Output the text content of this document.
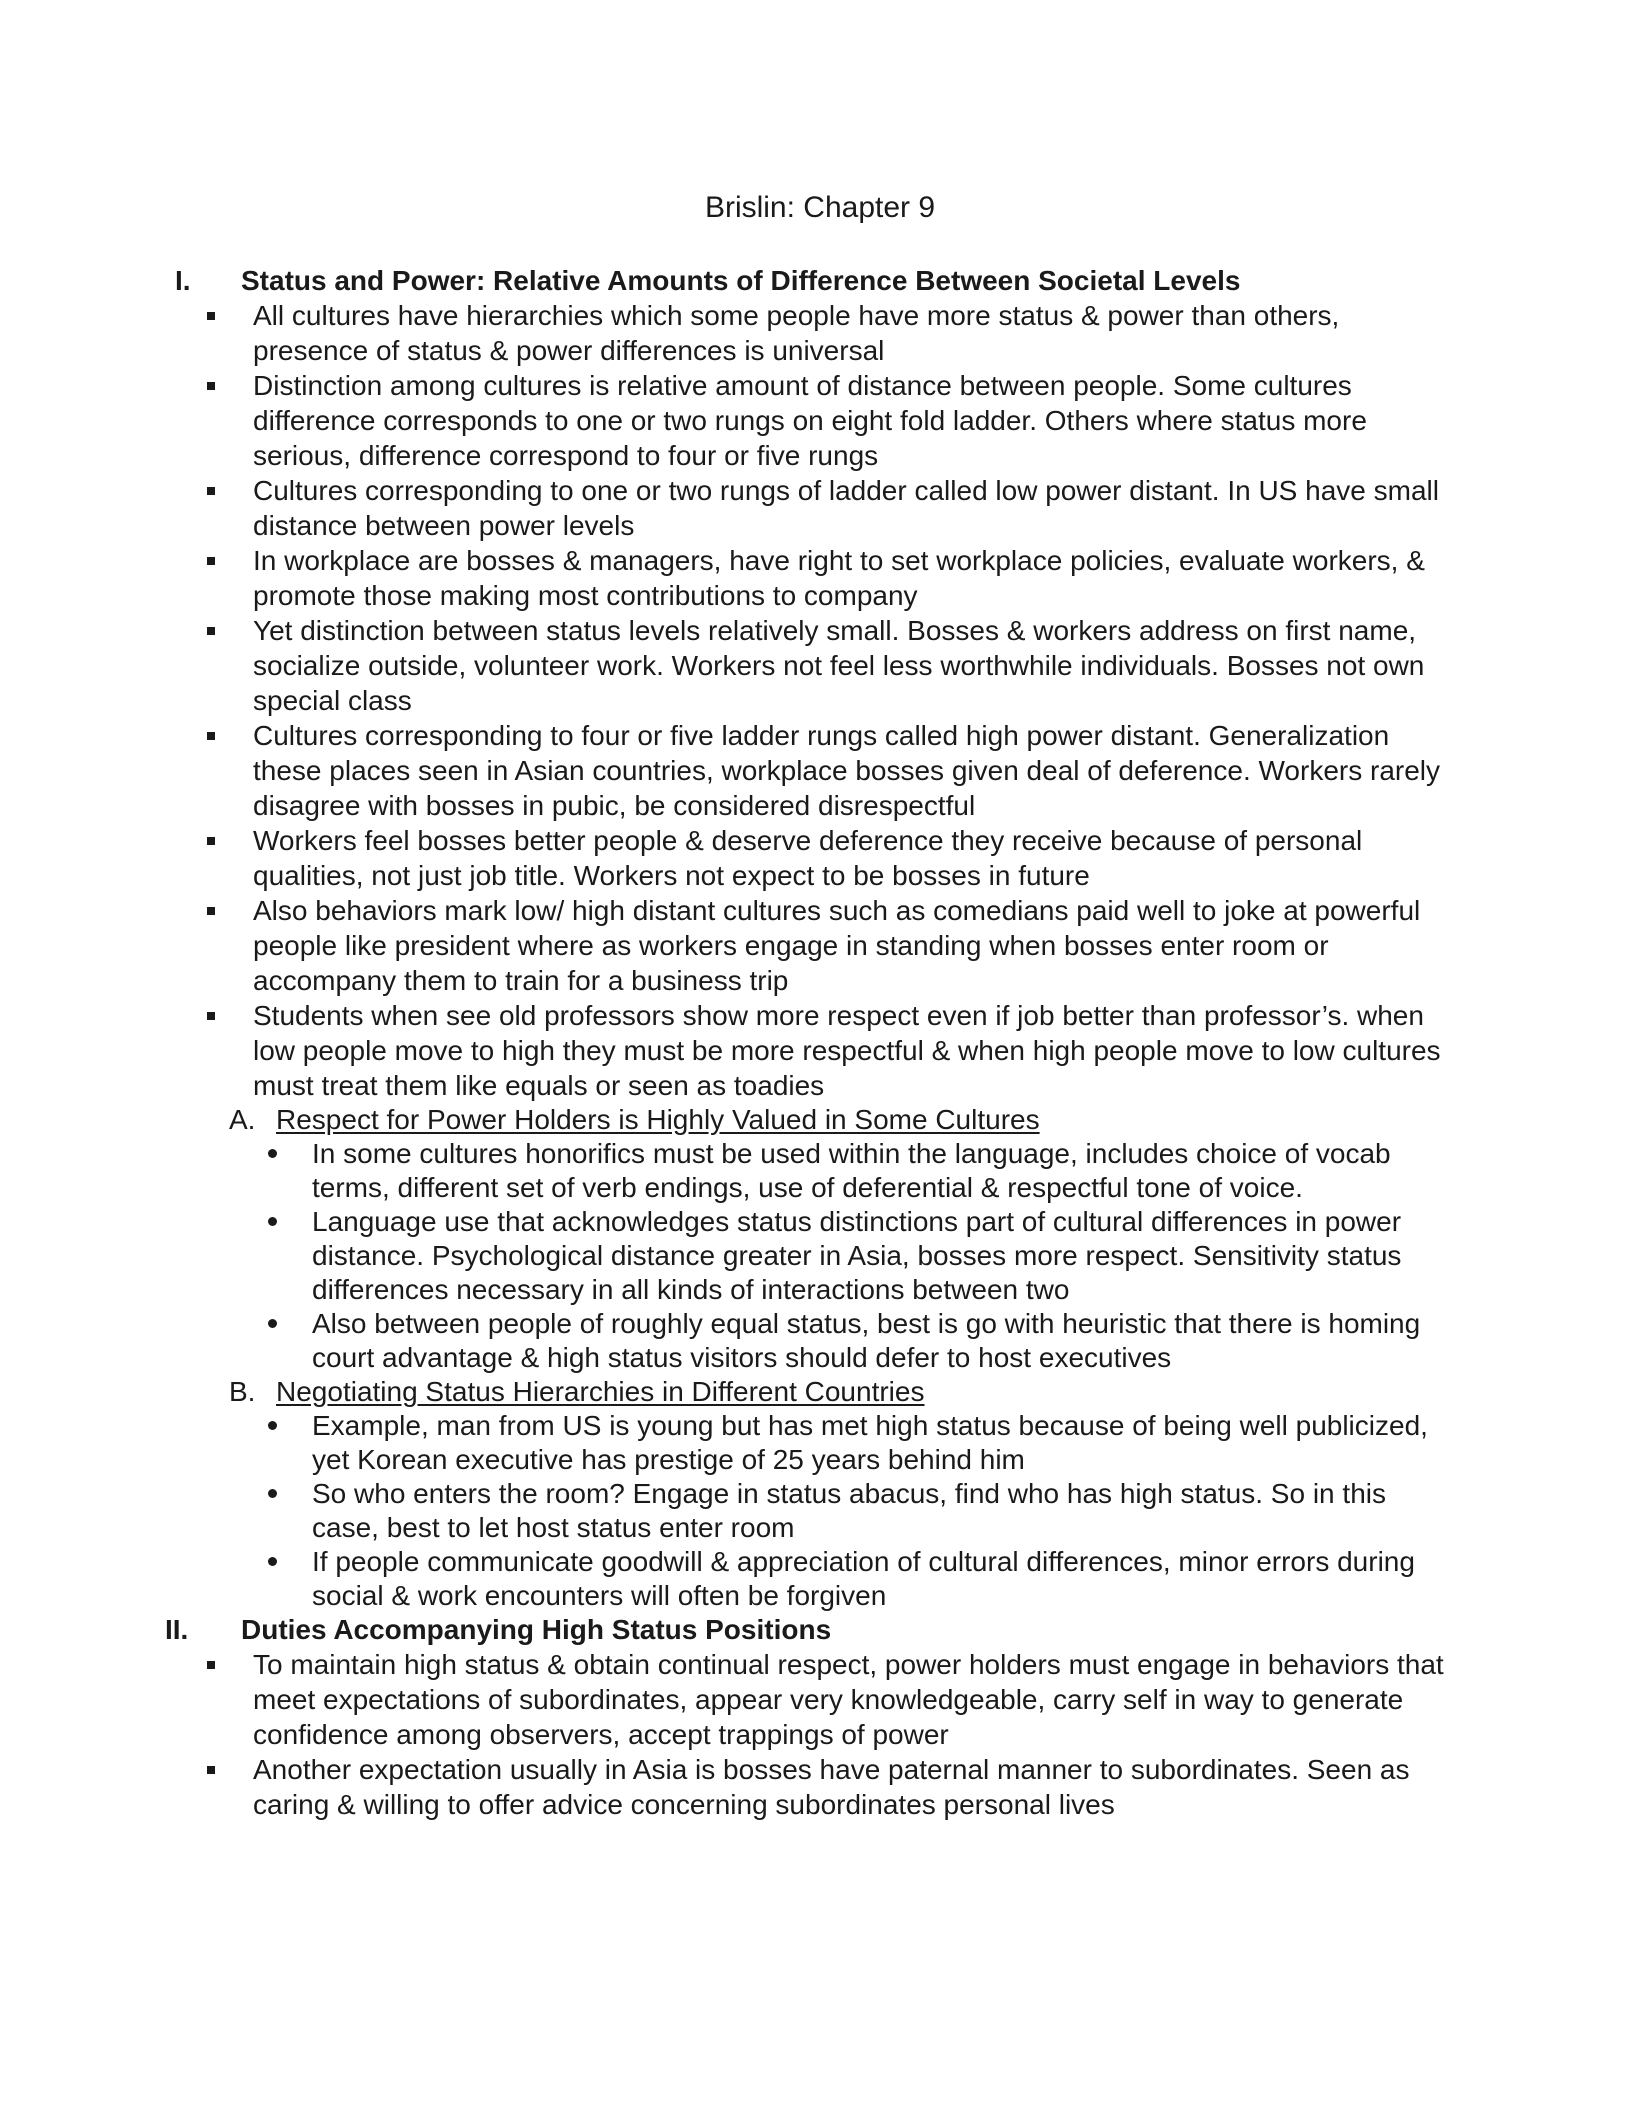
Brislin: Chapter 9
I. Status and Power: Relative Amounts of Difference Between Societal Levels
All cultures have hierarchies which some people have more status & power than others, presence of status & power differences is universal
Distinction among cultures is relative amount of distance between people. Some cultures difference corresponds to one or two rungs on eight fold ladder. Others where status more serious, difference correspond to four or five rungs
Cultures corresponding to one or two rungs of ladder called low power distant. In US have small distance between power levels
In workplace are bosses & managers, have right to set workplace policies, evaluate workers, & promote those making most contributions to company
Yet distinction between status levels relatively small. Bosses & workers address on first name, socialize outside, volunteer work. Workers not feel less worthwhile individuals. Bosses not own special class
Cultures corresponding to four or five ladder rungs called high power distant. Generalization these places seen in Asian countries, workplace bosses given deal of deference. Workers rarely disagree with bosses in pubic, be considered disrespectful
Workers feel bosses better people & deserve deference they receive because of personal qualities, not just job title. Workers not expect to be bosses in future
Also behaviors mark low/ high distant cultures such as comedians paid well to joke at powerful people like president where as workers engage in standing when bosses enter room or accompany them to train for a business trip
Students when see old professors show more respect even if job better than professor’s. when low people move to high they must be more respectful & when high people move to low cultures must treat them like equals or seen as toadies
A. Respect for Power Holders is Highly Valued in Some Cultures
In some cultures honorifics must be used within the language, includes choice of vocab terms, different set of verb endings, use of deferential & respectful tone of voice.
Language use that acknowledges status distinctions part of cultural differences in power distance. Psychological distance greater in Asia, bosses more respect. Sensitivity status differences necessary in all kinds of interactions between two
Also between people of roughly equal status, best is go with heuristic that there is homing court advantage & high status visitors should defer to host executives
B. Negotiating Status Hierarchies in Different Countries
Example, man from US is young but has met high status because of being well publicized, yet Korean executive has prestige of 25 years behind him
So who enters the room? Engage in status abacus, find who has high status. So in this case, best to let host status enter room
If people communicate goodwill & appreciation of cultural differences, minor errors during social & work encounters will often be forgiven
II. Duties Accompanying High Status Positions
To maintain high status & obtain continual respect, power holders must engage in behaviors that meet expectations of subordinates, appear very knowledgeable, carry self in way to generate confidence among observers, accept trappings of power
Another expectation usually in Asia is bosses have paternal manner to subordinates. Seen as caring & willing to offer advice concerning subordinates personal lives
